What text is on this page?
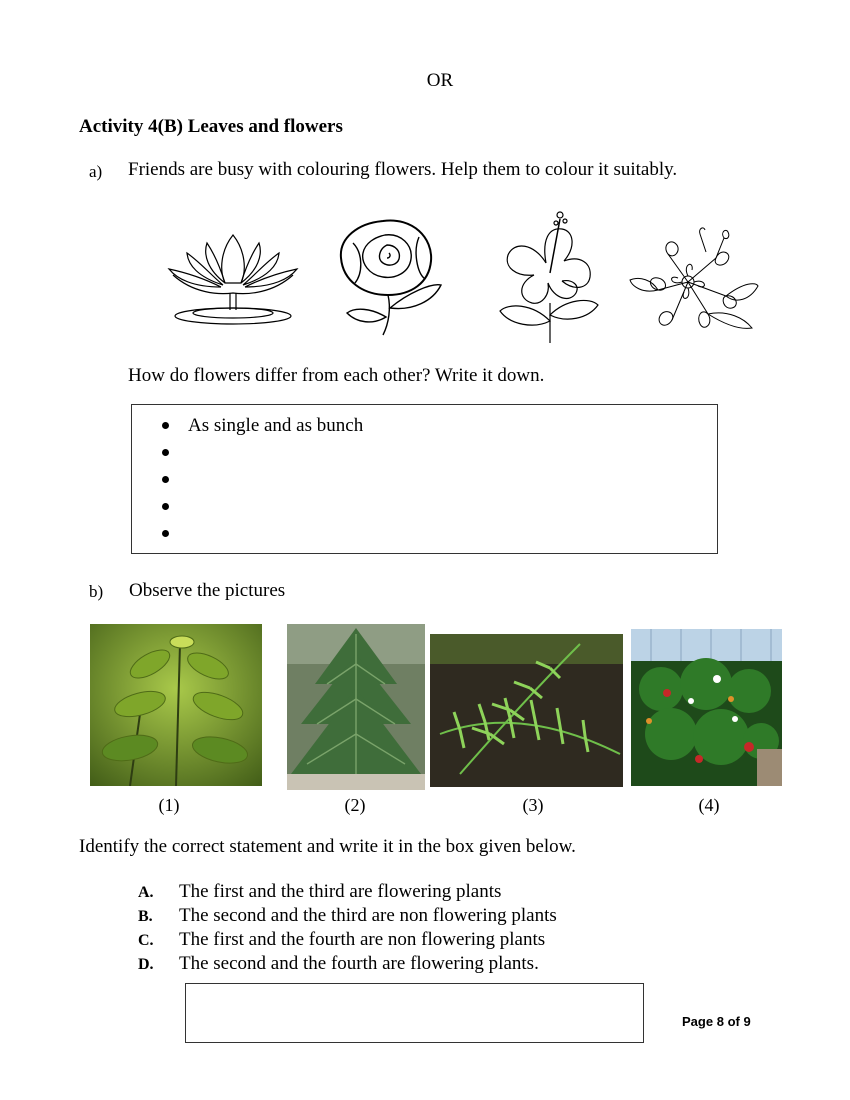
OR
Activity 4(B) Leaves and flowers
a) Friends are busy with colouring flowers. Help them to colour it suitably.
How do flowers differ from each other? Write it down.
As single and as bunch
b) Observe the pictures
(1)	(2)	(3)	(4)
Identify the correct statement and write it in the box given below.
A. The first and the third are flowering plants
B. The second and the third are non flowering plants
C. The first and the fourth are non flowering plants
D. The second and the fourth are flowering plants.
Page 8 of 9
